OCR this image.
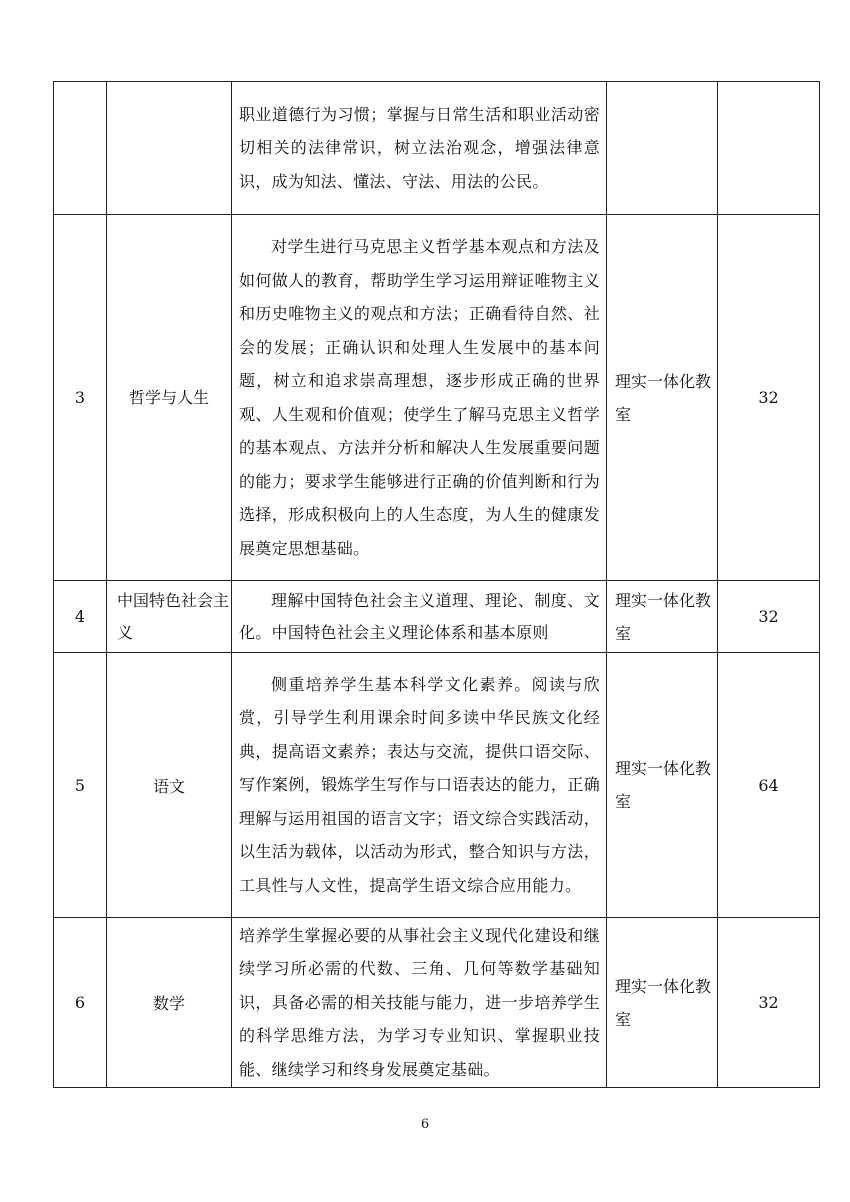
		职业道德行为习惯；掌握与日常生活和职业活动密切相关的法律常识，树立法治观念，增强法律意识，成为知法、懂法、守法、用法的公民。		

3	哲学与人生	对学生进行马克思主义哲学基本观点和方法及如何做人的教育，帮助学生学习运用辩证唯物主义和历史唯物主义的观点和方法；正确看待自然、社会的发展；正确认识和处理人生发展中的基本问题，树立和追求崇高理想，逐步形成正确的世界观、人生观和价值观；使学生了解马克思主义哲学的基本观点、方法并分析和解决人生发展重要问题的能力；要求学生能够进行正确的价值判断和行为选择，形成积极向上的人生态度，为人生的健康发展奠定思想基础。	理实一体化教室	32
4	中国特色社会主义	理解中国特色社会主义道理、理论、制度、文化。中国特色社会主义理论体系和基本原则	理实一体化教室	32
5	语文	侧重培养学生基本科学文化素养。阅读与欣赏，引导学生利用课余时间多读中华民族文化经典，提高语文素养；表达与交流，提供口语交际、写作案例，锻炼学生写作与口语表达的能力，正确理解与运用祖国的语言文字；语文综合实践活动，以生活为载体，以活动为形式，整合知识与方法，工具性与人文性，提高学生语文综合应用能力。	理实一体化教室	64
6	数学	培养学生掌握必要的从事社会主义现代化建设和继续学习所必需的代数、三角、几何等数学基础知识，具备必需的相关技能与能力，进一步培养学生的科学思维方法，为学习专业知识、掌握职业技能、继续学习和终身发展奠定基础。	理实一体化教室	32
6
